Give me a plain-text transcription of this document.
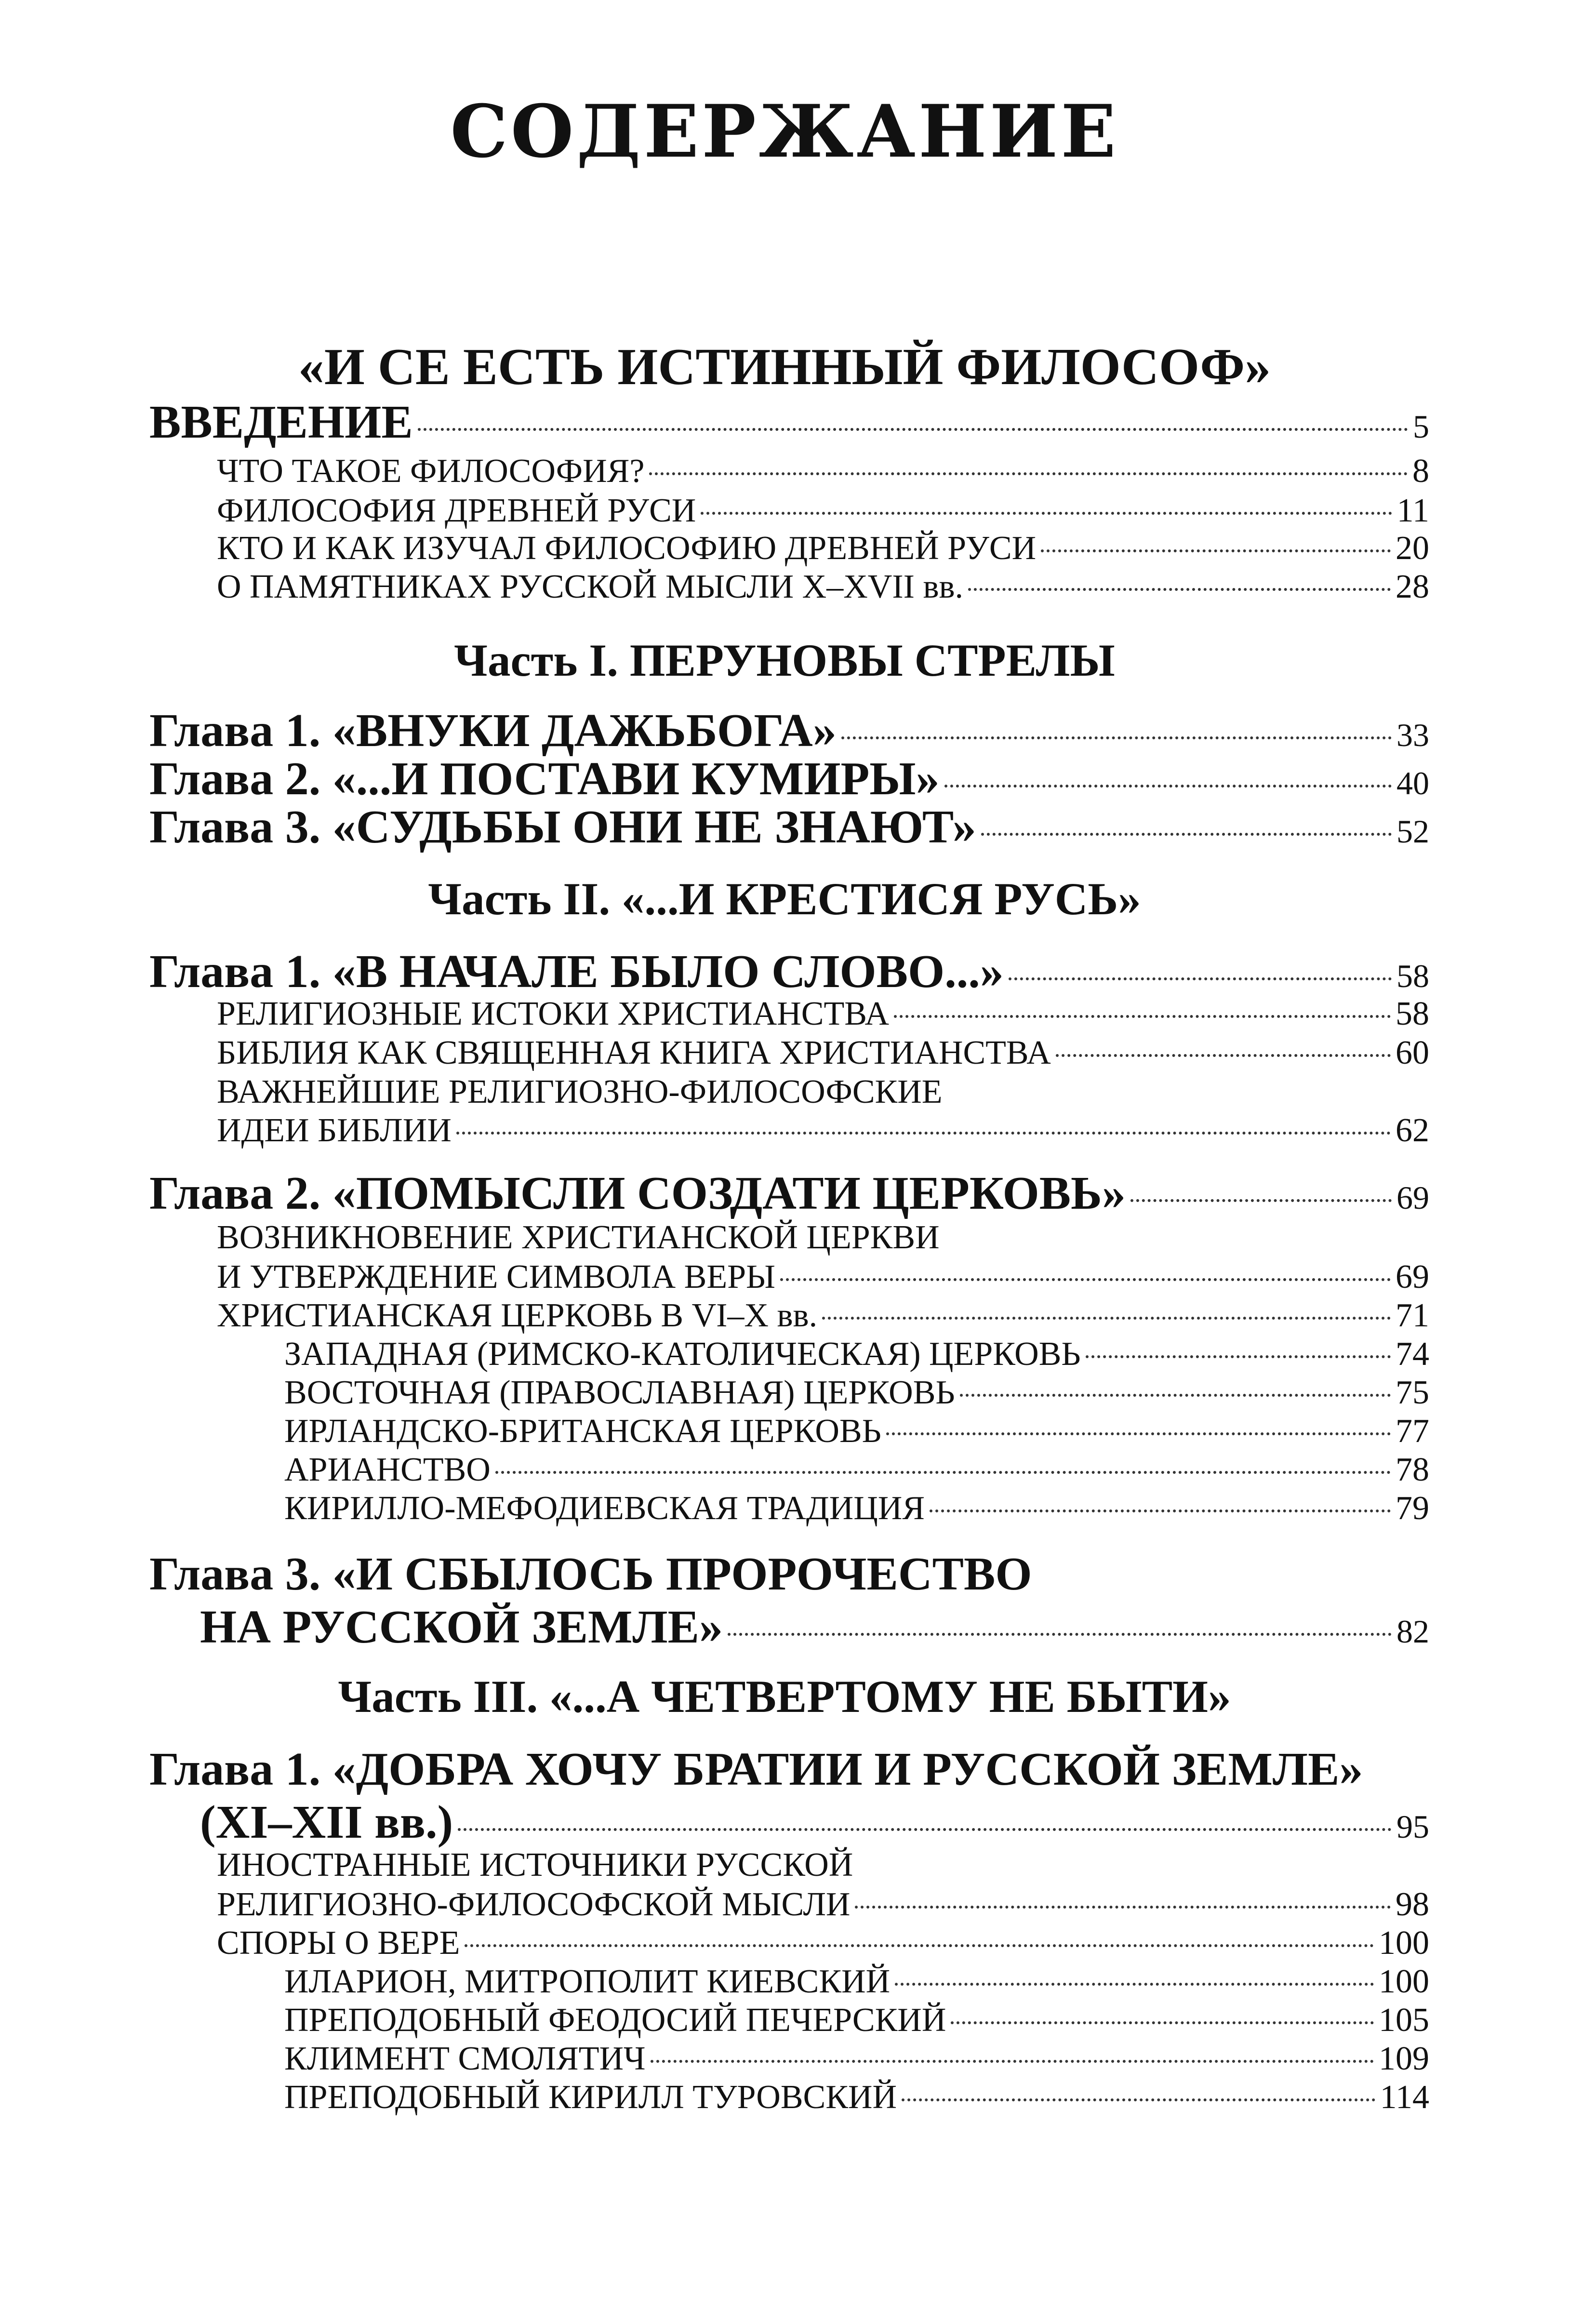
СОДЕРЖАНИЕ
«И СЕ ЕСТЬ ИСТИННЫЙ ФИЛОСОФ»
ВВЕДЕНИЕ	5
ЧТО ТАКОЕ ФИЛОСОФИЯ?	8
ФИЛОСОФИЯ ДРЕВНЕЙ РУСИ	11
КТО И КАК ИЗУЧАЛ ФИЛОСОФИЮ ДРЕВНЕЙ РУСИ	20
О ПАМЯТНИКАХ РУССКОЙ МЫСЛИ X–XVII вв.	28
Часть I. ПЕРУНОВЫ СТРЕЛЫ
Глава 1. «ВНУКИ ДАЖЬБОГА»	33
Глава 2. «...И ПОСТАВИ КУМИРЫ»	40
Глава 3. «СУДЬБЫ ОНИ НЕ ЗНАЮТ»	52
Часть II. «...И КРЕСТИСЯ РУСЬ»
Глава 1. «В НАЧАЛЕ БЫЛО СЛОВО...»	58
РЕЛИГИОЗНЫЕ ИСТОКИ ХРИСТИАНСТВА	58
БИБЛИЯ КАК СВЯЩЕННАЯ КНИГА ХРИСТИАНСТВА	60
ВАЖНЕЙШИЕ РЕЛИГИОЗНО-ФИЛОСОФСКИЕ
ИДЕИ БИБЛИИ	62
Глава 2. «ПОМЫСЛИ СОЗДАТИ ЦЕРКОВЬ»	69
ВОЗНИКНОВЕНИЕ ХРИСТИАНСКОЙ ЦЕРКВИ
И УТВЕРЖДЕНИЕ СИМВОЛА ВЕРЫ	69
ХРИСТИАНСКАЯ ЦЕРКОВЬ В VI–X вв.	71
ЗАПАДНАЯ (РИМСКО-КАТОЛИЧЕСКАЯ) ЦЕРКОВЬ	74
ВОСТОЧНАЯ (ПРАВОСЛАВНАЯ) ЦЕРКОВЬ	75
ИРЛАНДСКО-БРИТАНСКАЯ ЦЕРКОВЬ	77
АРИАНСТВО	78
КИРИЛЛО-МЕФОДИЕВСКАЯ ТРАДИЦИЯ	79
Глава 3. «И СБЫЛОСЬ ПРОРОЧЕСТВО
НА РУССКОЙ ЗЕМЛЕ»	82
Часть III. «...А ЧЕТВЕРТОМУ НЕ БЫТИ»
Глава 1. «ДОБРА ХОЧУ БРАТИИ И РУССКОЙ ЗЕМЛЕ»
(XI–XII вв.)	95
ИНОСТРАННЫЕ ИСТОЧНИКИ РУССКОЙ
РЕЛИГИОЗНО-ФИЛОСОФСКОЙ МЫСЛИ	98
СПОРЫ О ВЕРЕ	100
ИЛАРИОН, МИТРОПОЛИТ КИЕВСКИЙ	100
ПРЕПОДОБНЫЙ ФЕОДОСИЙ ПЕЧЕРСКИЙ	105
КЛИМЕНТ СМОЛЯТИЧ	109
ПРЕПОДОБНЫЙ КИРИЛЛ ТУРОВСКИЙ	114
